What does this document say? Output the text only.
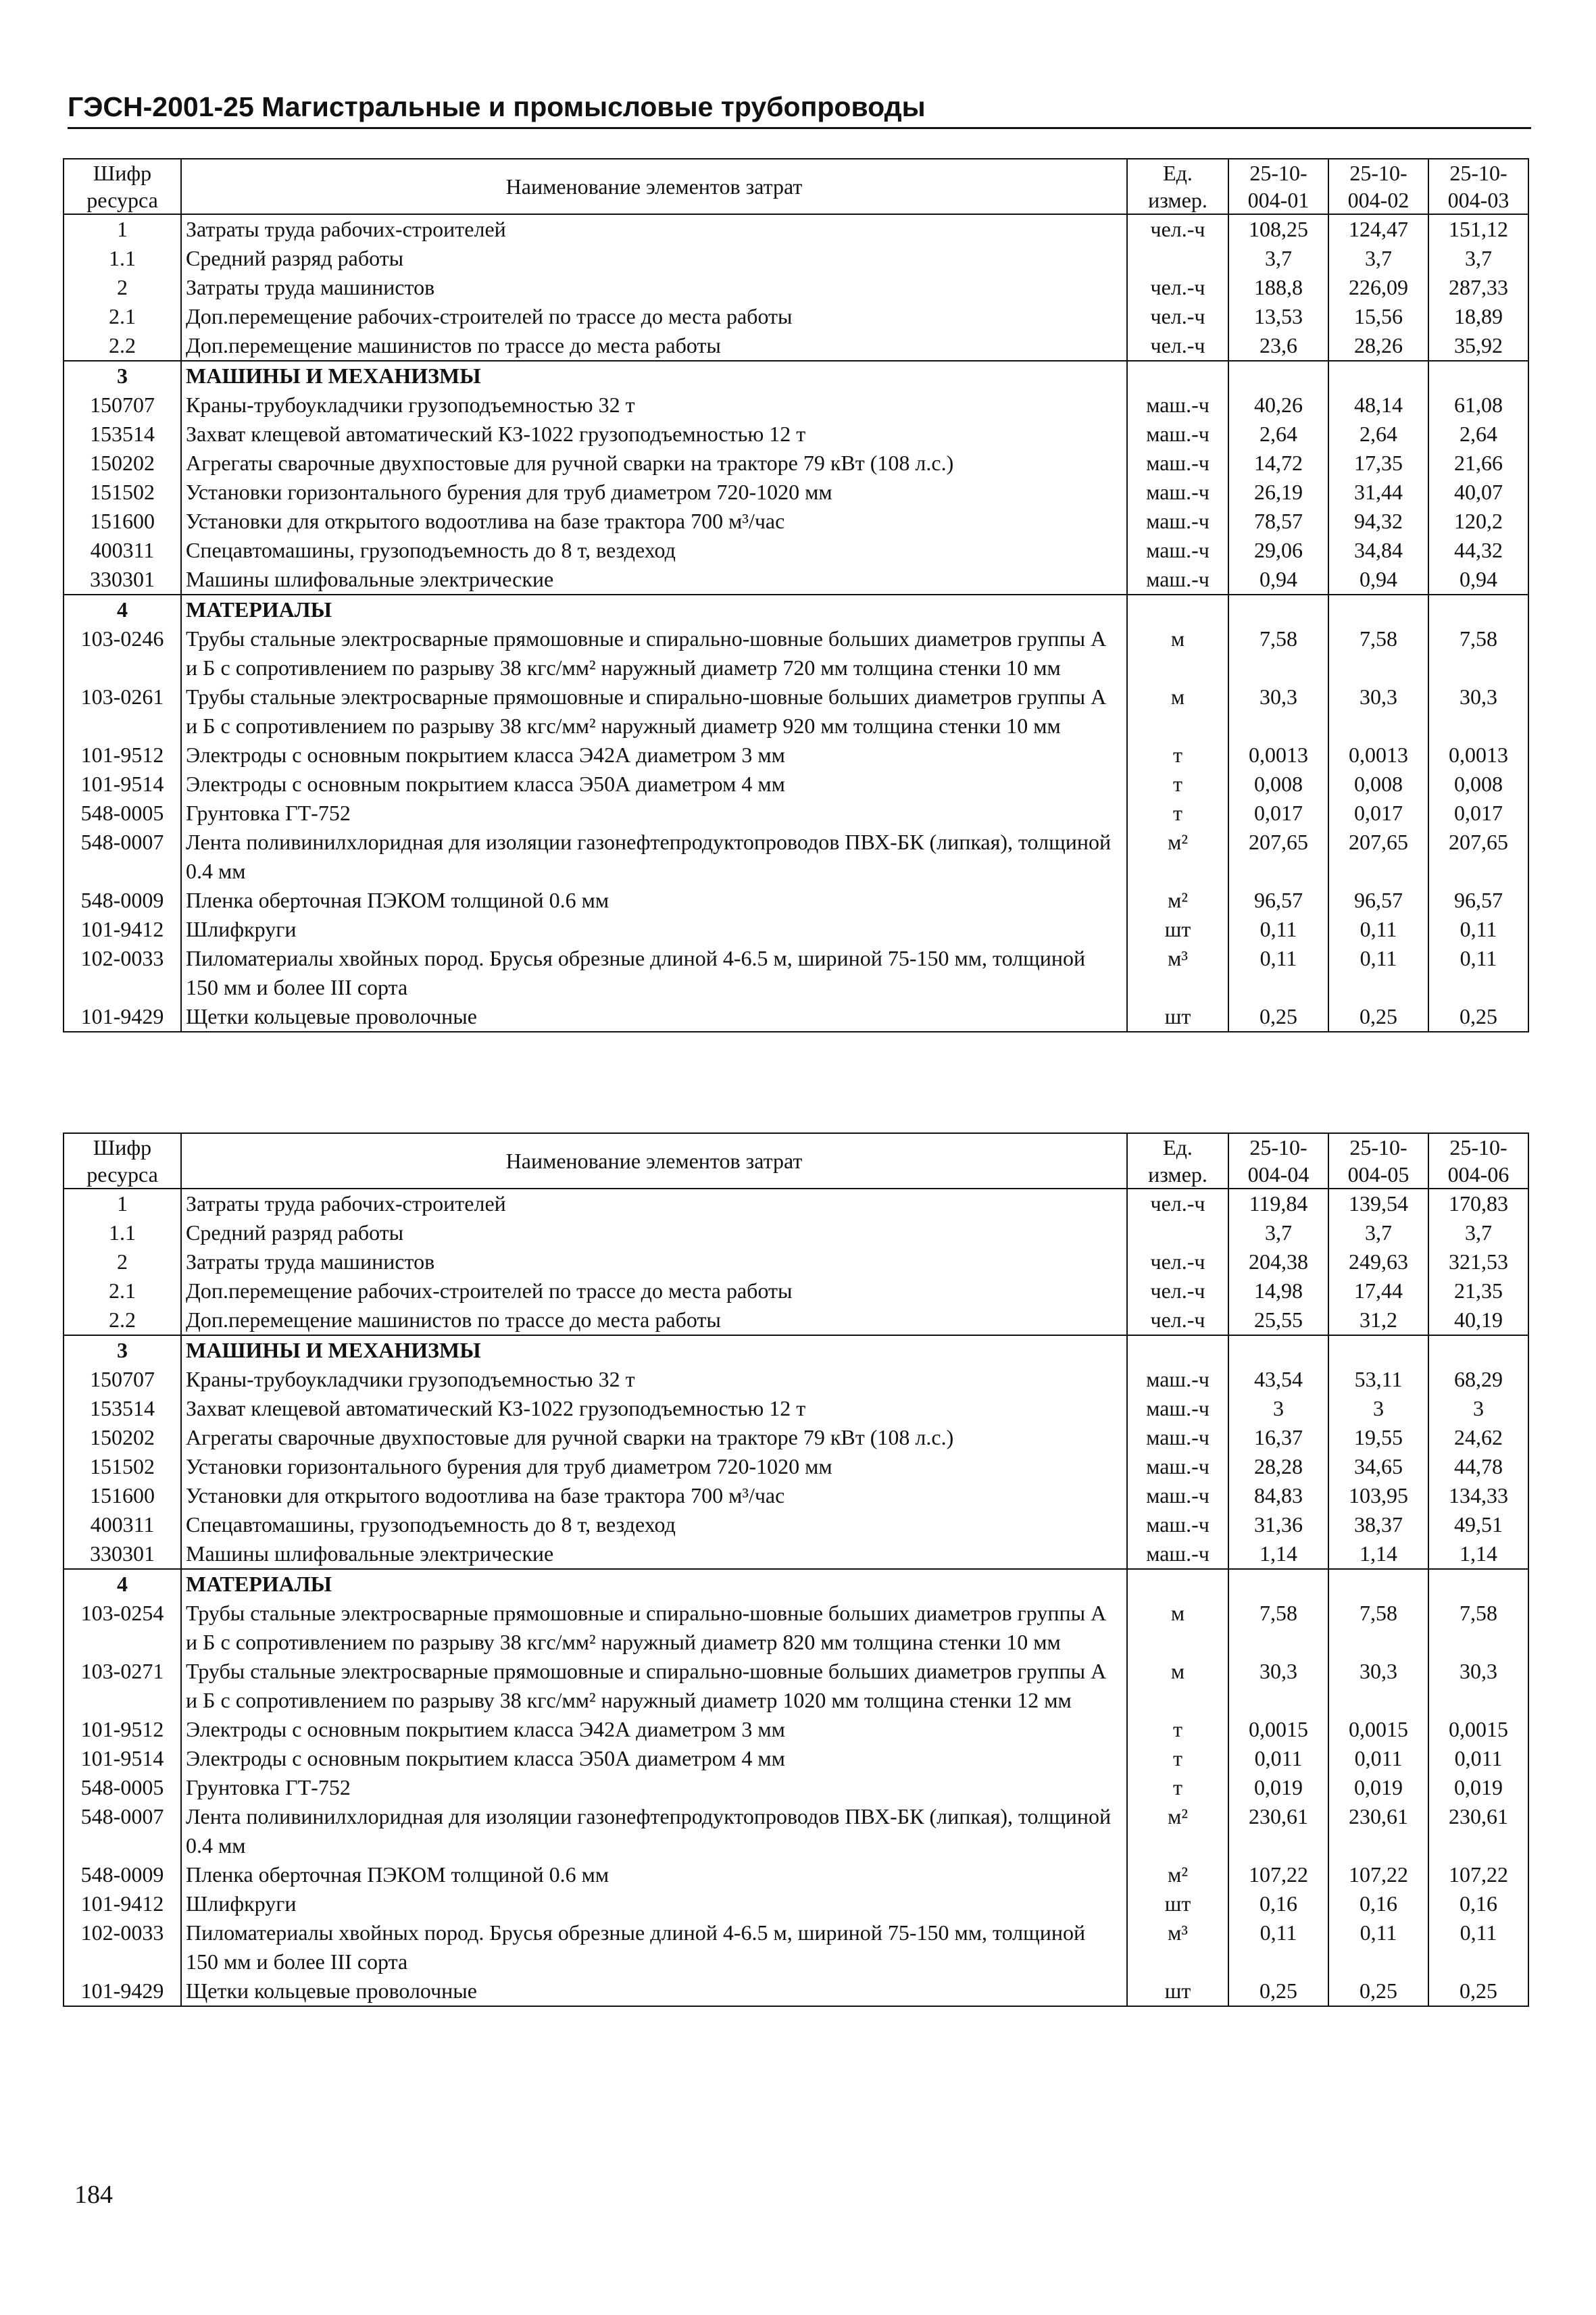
ГЭСН-2001-25 Магистральные и промысловые трубопроводы
Шифр ресурса	Наименование элементов затрат	Ед. измер.	25-10-004-01	25-10-004-02	25-10-004-03
1	Затраты труда рабочих-строителей	чел.-ч	108,25	124,47	151,12
1.1	Средний разряд работы		3,7	3,7	3,7
2	Затраты труда машинистов	чел.-ч	188,8	226,09	287,33
2.1	Доп.перемещение рабочих-строителей по трассе до места работы	чел.-ч	13,53	15,56	18,89
2.2	Доп.перемещение машинистов по трассе до места работы	чел.-ч	23,6	28,26	35,92
3	МАШИНЫ И МЕХАНИЗМЫ				
150707	Краны-трубоукладчики грузоподъемностью 32 т	маш.-ч	40,26	48,14	61,08
153514	Захват клещевой автоматический КЗ-1022 грузоподъемностью 12 т	маш.-ч	2,64	2,64	2,64
150202	Агрегаты сварочные двухпостовые для ручной сварки на тракторе 79 кВт (108 л.с.)	маш.-ч	14,72	17,35	21,66
151502	Установки горизонтального бурения для труб диаметром 720-1020 мм	маш.-ч	26,19	31,44	40,07
151600	Установки для открытого водоотлива на базе трактора 700 м³/час	маш.-ч	78,57	94,32	120,2
400311	Спецавтомашины, грузоподъемность до 8 т, вездеход	маш.-ч	29,06	34,84	44,32
330301	Машины шлифовальные электрические	маш.-ч	0,94	0,94	0,94
4	МАТЕРИАЛЫ				
103-0246	Трубы стальные электросварные прямошовные и спирально-шовные больших диаметров группы А и Б с сопротивлением по разрыву 38 кгс/мм² наружный диаметр 720 мм толщина стенки 10 мм	м	7,58	7,58	7,58
103-0261	Трубы стальные электросварные прямошовные и спирально-шовные больших диаметров группы А и Б с сопротивлением по разрыву 38 кгс/мм² наружный диаметр 920 мм толщина стенки 10 мм	м	30,3	30,3	30,3
101-9512	Электроды с основным покрытием класса Э42А диаметром 3 мм	т	0,0013	0,0013	0,0013
101-9514	Электроды с основным покрытием класса Э50А диаметром 4 мм	т	0,008	0,008	0,008
548-0005	Грунтовка ГТ-752	т	0,017	0,017	0,017
548-0007	Лента поливинилхлоридная для изоляции газонефтепродуктопроводов ПВХ-БК (липкая), толщиной 0.4 мм	м²	207,65	207,65	207,65
548-0009	Пленка оберточная ПЭКОМ толщиной 0.6 мм	м²	96,57	96,57	96,57
101-9412	Шлифкруги	шт	0,11	0,11	0,11
102-0033	Пиломатериалы хвойных пород. Брусья обрезные длиной 4-6.5 м, шириной 75-150 мм, толщиной 150 мм и более III сорта	м³	0,11	0,11	0,11
101-9429	Щетки кольцевые проволочные	шт	0,25	0,25	0,25
Шифр ресурса	Наименование элементов затрат	Ед. измер.	25-10-004-04	25-10-004-05	25-10-004-06
1	Затраты труда рабочих-строителей	чел.-ч	119,84	139,54	170,83
1.1	Средний разряд работы		3,7	3,7	3,7
2	Затраты труда машинистов	чел.-ч	204,38	249,63	321,53
2.1	Доп.перемещение рабочих-строителей по трассе до места работы	чел.-ч	14,98	17,44	21,35
2.2	Доп.перемещение машинистов по трассе до места работы	чел.-ч	25,55	31,2	40,19
3	МАШИНЫ И МЕХАНИЗМЫ				
150707	Краны-трубоукладчики грузоподъемностью 32 т	маш.-ч	43,54	53,11	68,29
153514	Захват клещевой автоматический КЗ-1022 грузоподъемностью 12 т	маш.-ч	3	3	3
150202	Агрегаты сварочные двухпостовые для ручной сварки на тракторе 79 кВт (108 л.с.)	маш.-ч	16,37	19,55	24,62
151502	Установки горизонтального бурения для труб диаметром 720-1020 мм	маш.-ч	28,28	34,65	44,78
151600	Установки для открытого водоотлива на базе трактора 700 м³/час	маш.-ч	84,83	103,95	134,33
400311	Спецавтомашины, грузоподъемность до 8 т, вездеход	маш.-ч	31,36	38,37	49,51
330301	Машины шлифовальные электрические	маш.-ч	1,14	1,14	1,14
4	МАТЕРИАЛЫ				
103-0254	Трубы стальные электросварные прямошовные и спирально-шовные больших диаметров группы А и Б с сопротивлением по разрыву 38 кгс/мм² наружный диаметр 820 мм толщина стенки 10 мм	м	7,58	7,58	7,58
103-0271	Трубы стальные электросварные прямошовные и спирально-шовные больших диаметров группы А и Б с сопротивлением по разрыву 38 кгс/мм² наружный диаметр 1020 мм толщина стенки 12 мм	м	30,3	30,3	30,3
101-9512	Электроды с основным покрытием класса Э42А диаметром 3 мм	т	0,0015	0,0015	0,0015
101-9514	Электроды с основным покрытием класса Э50А диаметром 4 мм	т	0,011	0,011	0,011
548-0005	Грунтовка ГТ-752	т	0,019	0,019	0,019
548-0007	Лента поливинилхлоридная для изоляции газонефтепродуктопроводов ПВХ-БК (липкая), толщиной 0.4 мм	м²	230,61	230,61	230,61
548-0009	Пленка оберточная ПЭКОМ толщиной 0.6 мм	м²	107,22	107,22	107,22
101-9412	Шлифкруги	шт	0,16	0,16	0,16
102-0033	Пиломатериалы хвойных пород. Брусья обрезные длиной 4-6.5 м, шириной 75-150 мм, толщиной 150 мм и более III сорта	м³	0,11	0,11	0,11
101-9429	Щетки кольцевые проволочные	шт	0,25	0,25	0,25
184
